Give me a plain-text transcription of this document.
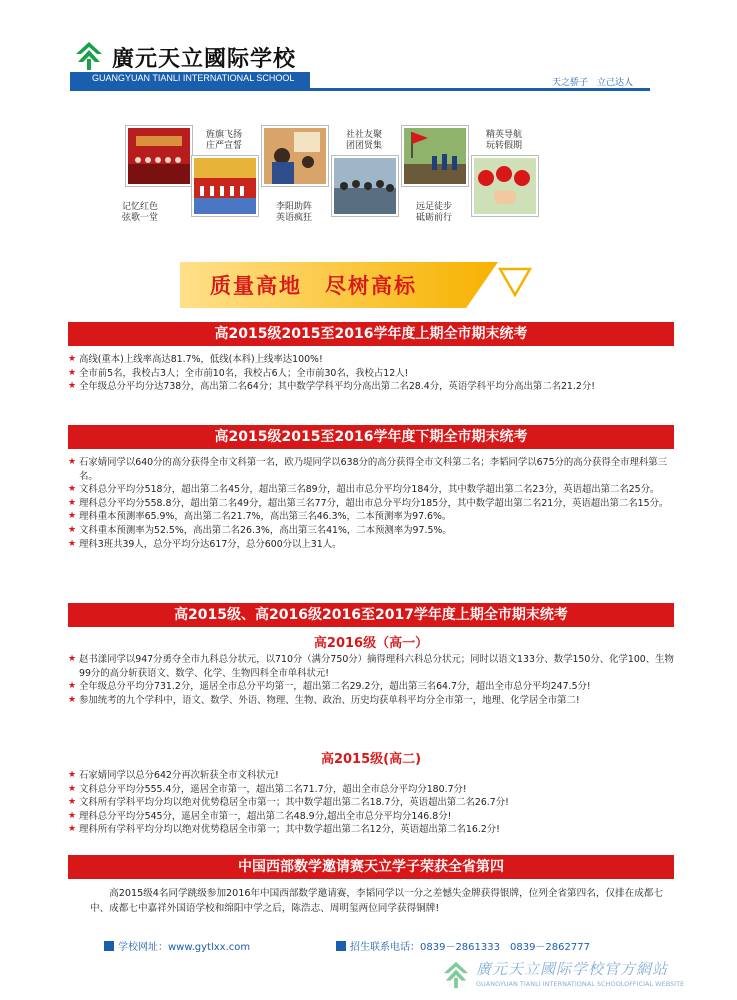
廣元天立國际学校
GUANGYUAN TIANLI INTERNATIONAL SCHOOL	天之骄子　立己达人
记忆红色
弦歌一堂
旌旗飞扬
庄严宣誓
李阳助阵
英语疯狂
社社友聚
团团贤集
远足徒步
砥砺前行
精英导航
玩转假期
质量高地　尽树高标
高2015级2015至2016学年度上期全市期末统考
★ 高线(重本)上线率高达81.7%，低线(本科)上线率达100%!
★ 全市前5名，我校占3人；全市前10名，我校占6人；全市前30名，我校占12人!
★ 全年级总分平均分达738分，高出第二名64分；其中数学学科平均分高出第二名28.4分，英语学科平均分高出第二名21.2分!
高2015级2015至2016学年度下期全市期末统考
★ 石家婧同学以640分的高分获得全市文科第一名，欧乃堤同学以638分的高分获得全市文科第二名；李韬同学以675分的高分获得全市理科第三名。
★ 文科总分平均分518分，超出第二名45分，超出第三名89分，超出市总分平均分184分，其中数学超出第二名23分，英语超出第二名25分。
★ 理科总分平均分558.8分，超出第二名49分，超出第三名77分，超出市总分平均分185分，其中数学超出第二名21分，英语超出第二名15分。
★ 理科重本预测率65.9%，高出第二名21.7%，高出第三名46.3%，二本预测率为97.6%。
★ 文科重本预测率为52.5%，高出第二名26.3%，高出第三名41%，二本预测率为97.5%。
★ 理科3班共39人，总分平均分达617分，总分600分以上31人。
高2015级、高2016级2016至2017学年度上期全市期末统考
高2016级（高一）
★ 赵书漾同学以947分勇夺全市九科总分状元，以710分（满分750分）摘得理科六科总分状元；同时以语文133分、数学150分、化学100、生物99分的高分斩获语文、数学、化学、生物四科全市单科状元!
★ 全年级总分平均分731.2分，遥居全市总分平均第一，超出第二名29.2分，超出第三名64.7分，超出全市总分平均247.5分!
★ 参加统考的九个学科中，语文、数学、外语、物理、生物、政治、历史均获单科平均分全市第一，地理、化学居全市第二!
高2015级(高二)
★ 石家婧同学以总分642分再次斩获全市文科状元!
★ 文科总分平均分555.4分，遥居全市第一，超出第二名71.7分，超出全市总分平均分180.7分!
★ 文科所有学科平均分均以绝对优势稳居全市第一；其中数学超出第二名18.7分，英语超出第二名26.7分!
★ 理科总分平均分545分，遥居全市第一，超出第二名48.9分,超出全市总分平均分146.8分!
★ 理科所有学科平均分均以绝对优势稳居全市第一；其中数学超出第二名12分，英语超出第二名16.2分!
中国西部数学邀请赛天立学子荣获全省第四
高2015级4名同学跳级参加2016年中国西部数学邀请赛，李韬同学以一分之差憾失金牌获得银牌，位列全省第四名，仅排在成都七中、成都七中嘉祥外国语学校和绵阳中学之后，陈浩志、周明玺两位同学获得铜牌!
学校网址：www.gytlxx.com	招生联系电话：0839－2861333　0839－2862777
廣元天立國际学校官方網站
GUANGYUAN TIANLI INTERNATIONAL SCHOOLOFFICIAL WEBSITE
